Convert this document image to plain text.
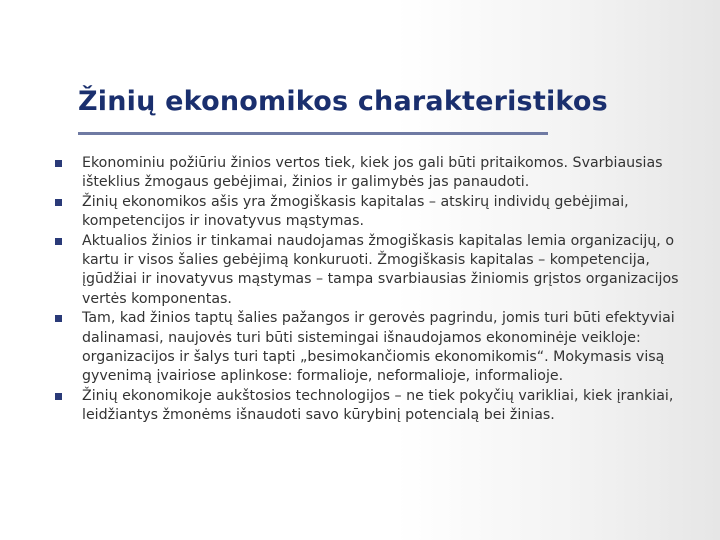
Žinių ekonomikos charakteristikos
Ekonominiu požiūriu žinios vertos tiek, kiek jos gali būti pritaikomos. Svarbiausias išteklius žmogaus gebėjimai, žinios ir galimybės jas panaudoti.
Žinių ekonomikos ašis yra žmogiškasis kapitalas – atskirų individų gebėjimai, kompetencijos ir inovatyvus mąstymas.
Aktualios žinios ir tinkamai naudojamas žmogiškasis kapitalas lemia organizacijų, o kartu ir visos šalies gebėjimą konkuruoti. Žmogiškasis kapitalas – kompetencija, įgūdžiai ir inovatyvus mąstymas – tampa svarbiausias žiniomis grįstos organizacijos vertės komponentas.
Tam, kad žinios taptų šalies pažangos ir gerovės pagrindu, jomis turi būti efektyviai dalinamasi, naujovės turi būti sistemingai išnaudojamos ekonominėje veikloje: organizacijos ir šalys turi tapti „besimokančiomis ekonomikomis“. Mokymasis visą gyvenimą įvairiose aplinkose: formalioje, neformalioje, informalioje.
Žinių ekonomikoje aukštosios technologijos – ne tiek pokyčių varikliai, kiek įrankiai, leidžiantys žmonėms išnaudoti savo kūrybinį potencialą bei žinias.
